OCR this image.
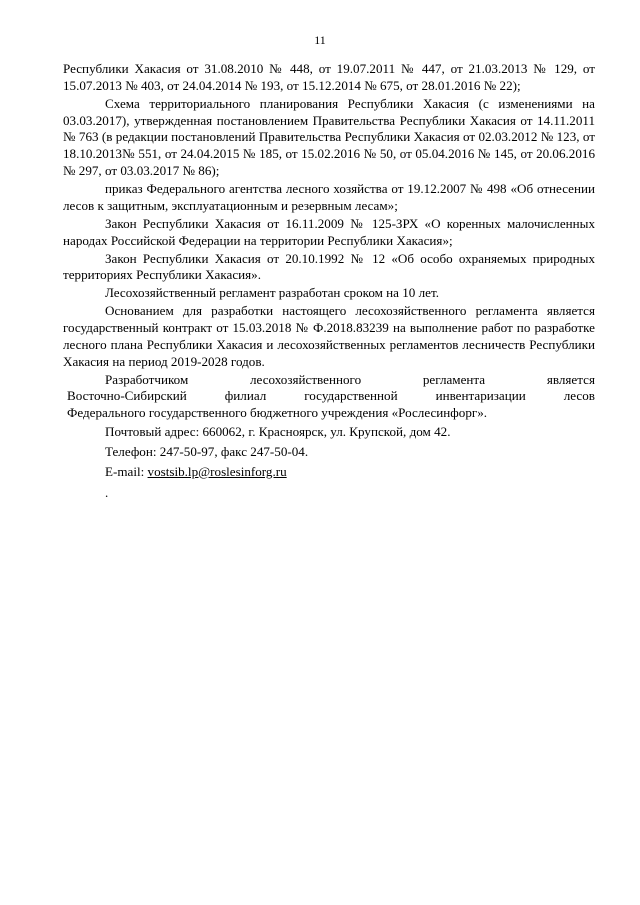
11

Республики Хакасия от 31.08.2010 № 448, от 19.07.2011 № 447, от 21.03.2013 № 129, от 15.07.2013 № 403, от 24.04.2014 № 193, от 15.12.2014 № 675, от 28.01.2016 № 22);

Схема территориального планирования Республики Хакасия (с изменениями на 03.03.2017), утвержденная постановлением Правительства Республики Хакасия от 14.11.2011 № 763 (в редакции постановлений Правительства Республики Хакасия от 02.03.2012 № 123, от 18.10.2013№ 551, от 24.04.2015 № 185, от 15.02.2016 № 50, от 05.04.2016 № 145, от 20.06.2016 № 297, от 03.03.2017 № 86);

приказ Федерального агентства лесного хозяйства от 19.12.2007 № 498 «Об отнесении лесов к защитным, эксплуатационным и резервным лесам»;

Закон Республики Хакасия от 16.11.2009 № 125-ЗРХ «О коренных малочисленных народах Российской Федерации на территории Республики Хакасия»;

Закон Республики Хакасия от 20.10.1992 № 12 «Об особо охраняемых природных территориях Республики Хакасия».

Лесохозяйственный регламент разработан сроком на 10 лет.

Основанием для разработки настоящего лесохозяйственного регламента является государственный контракт от 15.03.2018 № Ф.2018.83239 на выполнение работ по разработке лесного плана Республики Хакасия и лесохозяйственных регламентов лесничеств Республики Хакасия на период 2019-2028 годов.

Разработчиком	лесохозяйственного	регламента	является
Восточно-Сибирский	филиал	государственной	инвентаризации	лесов
Федерального государственного бюджетного учреждения «Рослесинфорг».

Почтовый адрес: 660062, г. Красноярск, ул. Крупской, дом 42.

Телефон: 247-50-97, факс 247-50-04.

E-mail: vostsib.lp@roslesinforg.ru

.
